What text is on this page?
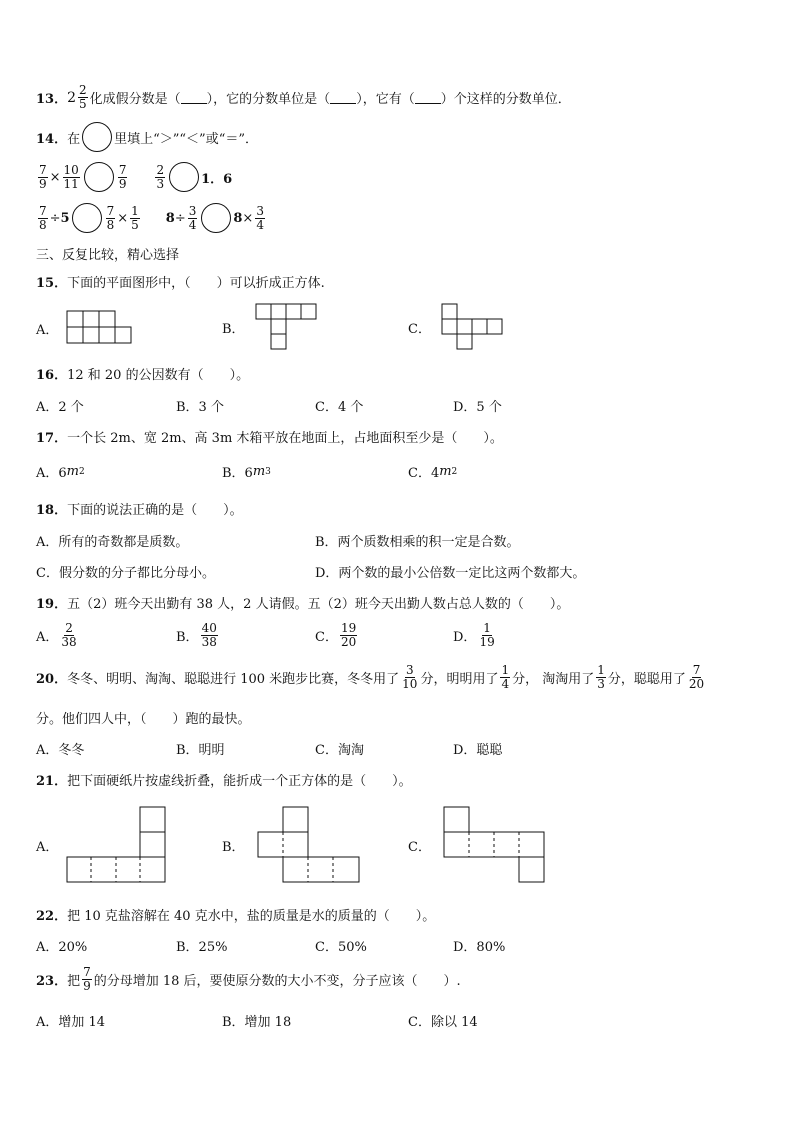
13． $2 \frac{2}{5}$ 化成假分数是（ ），它的分数单位是（ ），它有（ ）个这样的分数单位．
14． 在	里填上“＞”“＜”或“＝”．
$\frac{7}{9} \times \frac{10}{11}$	$\frac{7}{9} \frac{2}{3}$	1．6
$\frac{7}{8} \div 5$	$\frac{7}{8} \times \frac{1}{5} 8 \div \frac{3}{4}$	$8 \times \frac{3}{4}$
三、反复比较，精心选择
15． 下面的平面图形中，（　　）可以折成正方体.
A．	B．	C．
16． 12 和 20 的公因数有（　　）。
A．2 个	B．3 个	C．4 个	D．5 个
17． 一个长 2m、宽 2m、高 3m 木箱平放在地面上，占地面积至少是（　　）。
A．6 m 2	B．6 m 3	C．4 m 2
18． 下面的说法正确的是（　　）。
A．所有的奇数都是质数。	B．两个质数相乘的积一定是合数。
C．假分数的分子都比分母小。	D．两个数的最小公倍数一定比这两个数都大。
19． 五（2）班今天出勤有 38 人，2 人请假。五（2）班今天出勤人数占总人数的（　　）。
A． $\frac{2}{38}$	B． $\frac{40}{38}$	C． $\frac{19}{20}$	D． $\frac{1}{19}$
20． 冬冬、明明、淘淘、聪聪进行 100 米跑步比赛，冬冬用了 $\frac{3}{10}$ 分，明明用了 $\frac{1}{4}$ 分， 淘淘用了 $\frac{1}{3}$ 分，聪聪用了 $\frac{7}{20}$
分。他们四人中，（　　）跑的最快。
A．冬冬	B．明明	C．淘淘	D．聪聪
21． 把下面硬纸片按虚线折叠，能折成一个正方体的是（　　）。
A．	B．	C．
22． 把 10 克盐溶解在 40 克水中，盐的质量是水的质量的（　　）。
A．20%	B．25%	C．50%	D．80%
23． 把 $\frac{7}{9}$ 的分母增加 18 后，要使原分数的大小不变，分子应该（　　）.
A．增加 14	B．增加 18	C．除以 14
